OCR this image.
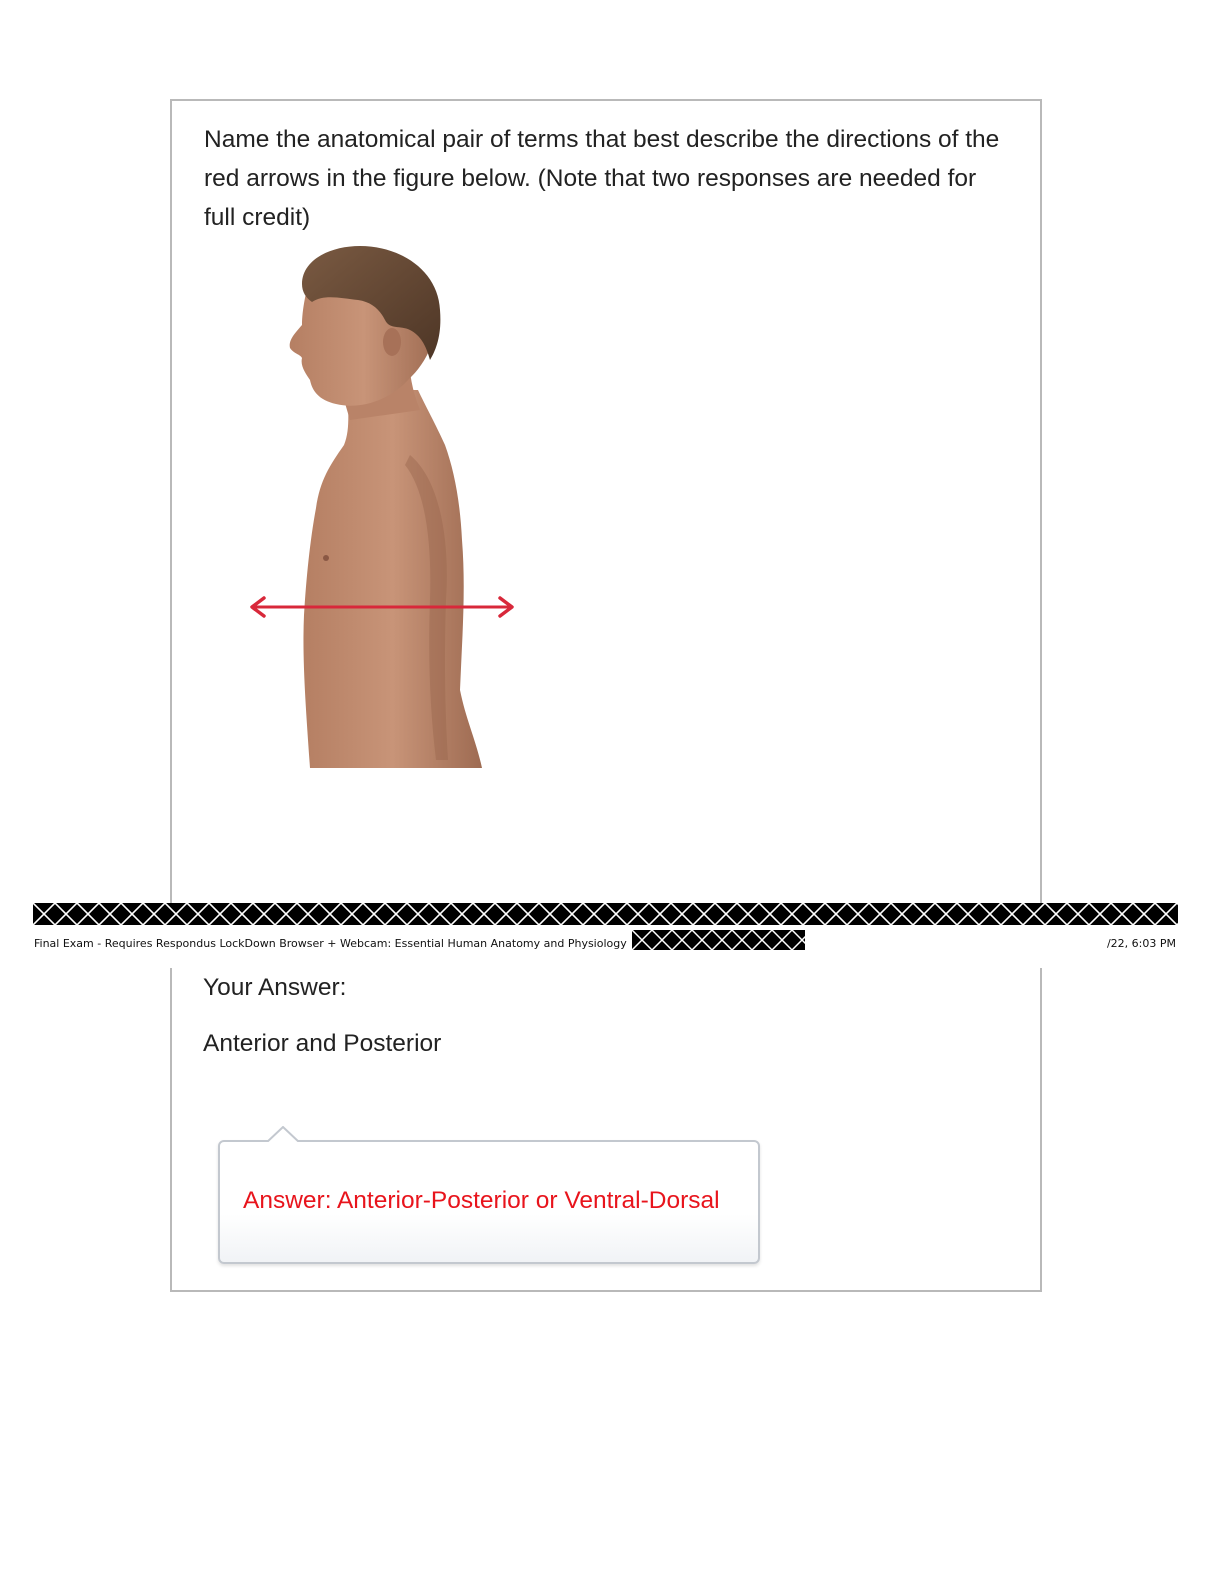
Name the anatomical pair of terms that best describe the directions of the red arrows in the figure below. (Note that two responses are needed for full credit)

Final Exam - Requires Respondus LockDown Browser + Webcam: Essential Human Anatomy and Physiology	/22, 6:03 PM
Your Answer:
Anterior and Posterior
Answer: Anterior-Posterior or Ventral-Dorsal
